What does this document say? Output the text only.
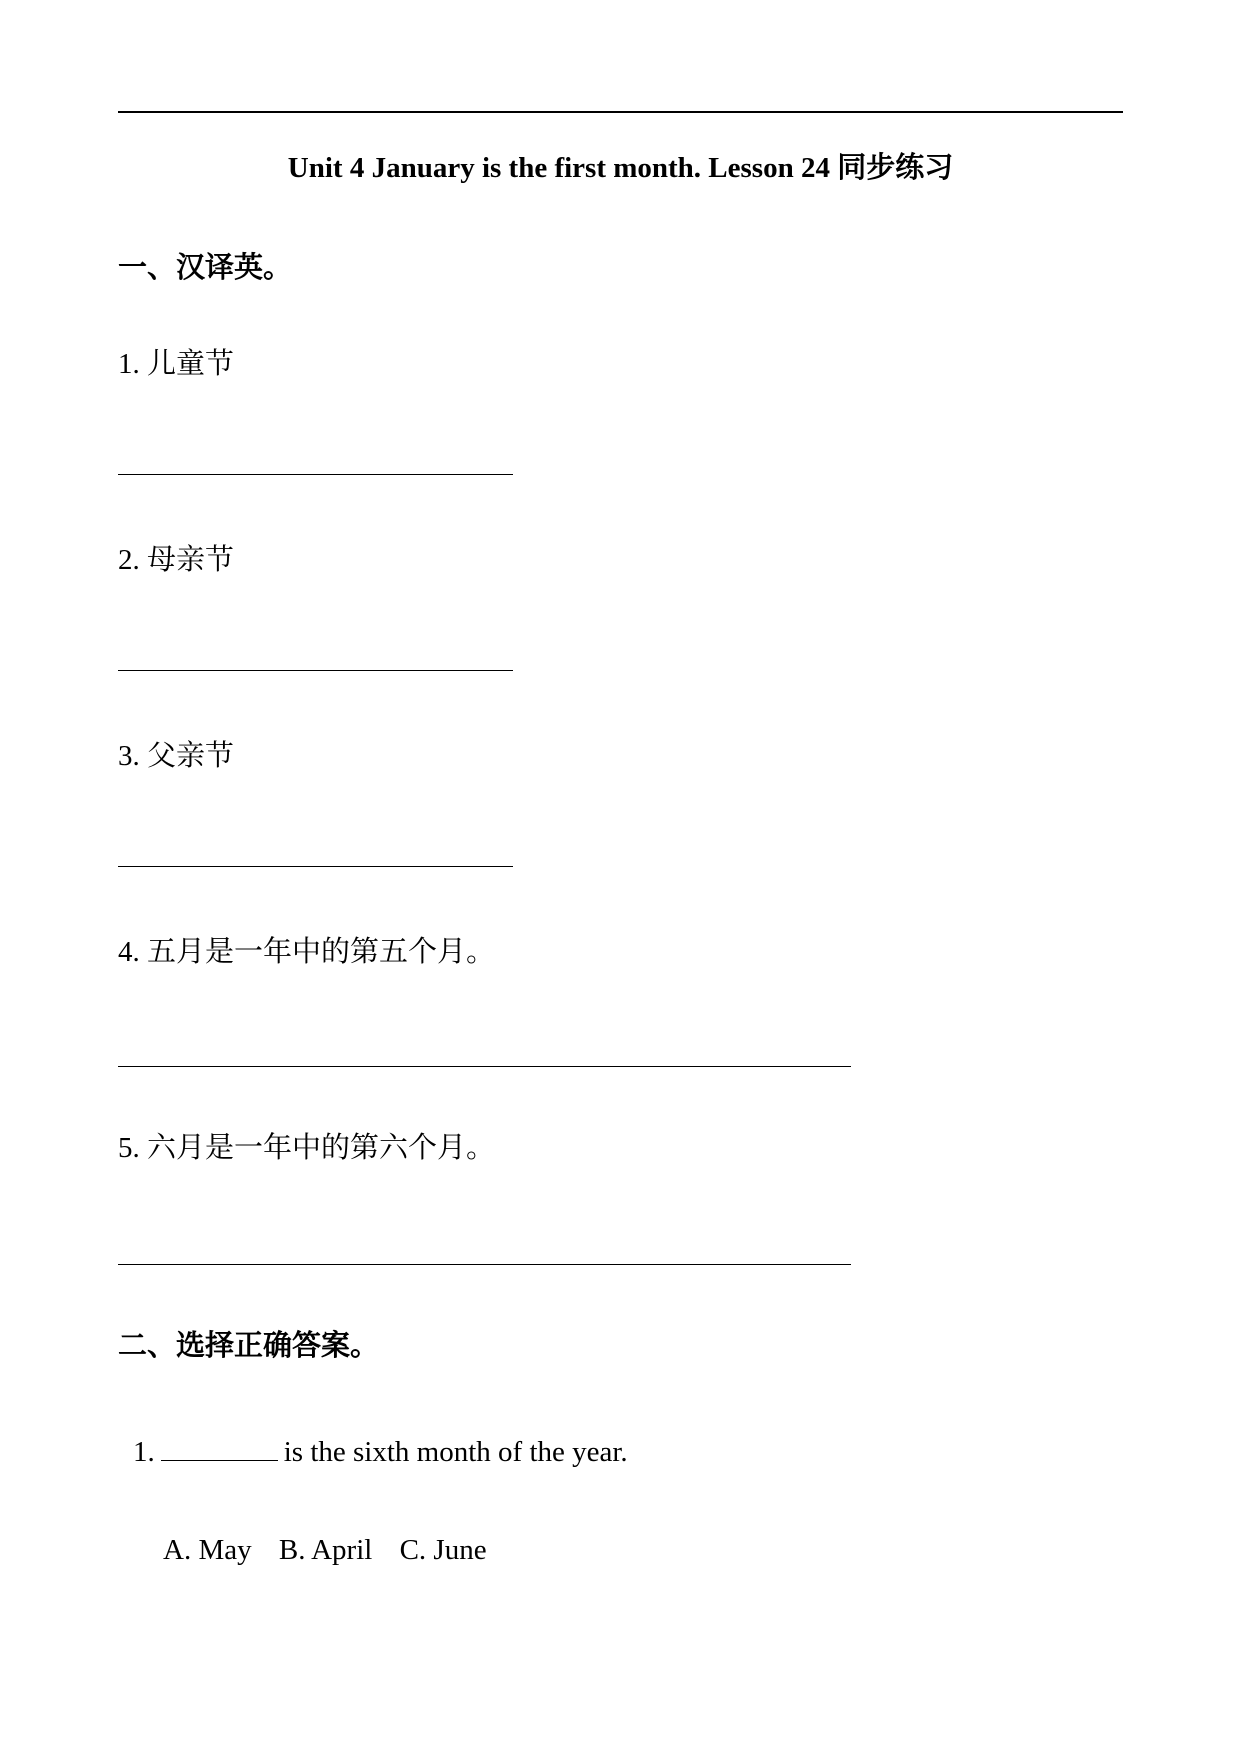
Unit 4 January is the first month. Lesson 24 同步练习
一、汉译英。
1. 儿童节
2. 母亲节
3. 父亲节
4. 五月是一年中的第五个月。
5. 六月是一年中的第六个月。
二、选择正确答案。
1.	is the sixth month of the year.
A. May B. April C. June
